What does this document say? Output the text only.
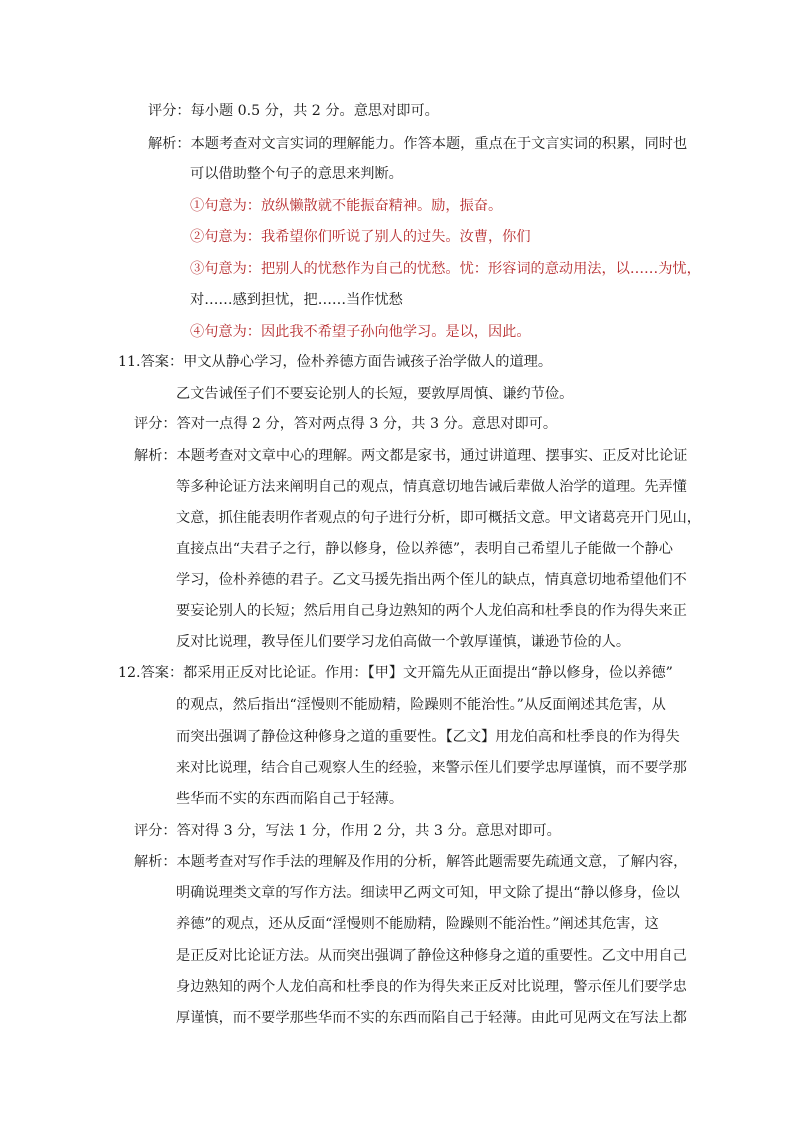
评分：每小题 0.5 分，共 2 分。意思对即可。
解析：本题考查对文言实词的理解能力。作答本题，重点在于文言实词的积累，同时也
可以借助整个句子的意思来判断。
①句意为：放纵懒散就不能振奋精神。励，振奋。
②句意为：我希望你们听说了别人的过失。汝曹，你们
③句意为：把别人的忧愁作为自己的忧愁。忧：形容词的意动用法，以……为忧，
对……感到担忧，把……当作忧愁
④句意为：因此我不希望子孙向他学习。是以，因此。
11.答案：甲文从静心学习，俭朴养德方面告诫孩子治学做人的道理。
乙文告诫侄子们不要妄论别人的长短，要敦厚周慎、谦约节俭。
评分：答对一点得 2 分，答对两点得 3 分，共 3 分。意思对即可。
解析：本题考查对文章中心的理解。两文都是家书，通过讲道理、摆事实、正反对比论证
等多种论证方法来阐明自己的观点，情真意切地告诫后辈做人治学的道理。先弄懂
文意，抓住能表明作者观点的句子进行分析，即可概括文意。甲文诸葛亮开门见山，
直接点出“夫君子之行，静以修身，俭以养德”，表明自己希望儿子能做一个静心
学习，俭朴养德的君子。乙文马援先指出两个侄儿的缺点，情真意切地希望他们不
要妄论别人的长短；然后用自己身边熟知的两个人龙伯高和杜季良的作为得失来正
反对比说理，教导侄儿们要学习龙伯高做一个敦厚谨慎，谦逊节俭的人。
12.答案：都采用正反对比论证。作用：【甲】文开篇先从正面提出“静以修身，俭以养德”
的观点，然后指出“淫慢则不能励精，险躁则不能治性。”从反面阐述其危害，从
而突出强调了静俭这种修身之道的重要性。【乙文】用龙伯高和杜季良的作为得失
来对比说理，结合自己观察人生的经验，来警示侄儿们要学忠厚谨慎，而不要学那
些华而不实的东西而陷自己于轻薄。
评分：答对得 3 分，写法 1 分，作用 2 分，共 3 分。意思对即可。
解析：本题考查对写作手法的理解及作用的分析，解答此题需要先疏通文意，了解内容，
明确说理类文章的写作方法。细读甲乙两文可知，甲文除了提出“静以修身，俭以
养德”的观点，还从反面“淫慢则不能励精，险躁则不能治性。”阐述其危害，这
是正反对比论证方法。从而突出强调了静俭这种修身之道的重要性。乙文中用自己
身边熟知的两个人龙伯高和杜季良的作为得失来正反对比说理，警示侄儿们要学忠
厚谨慎，而不要学那些华而不实的东西而陷自己于轻薄。由此可见两文在写法上都
